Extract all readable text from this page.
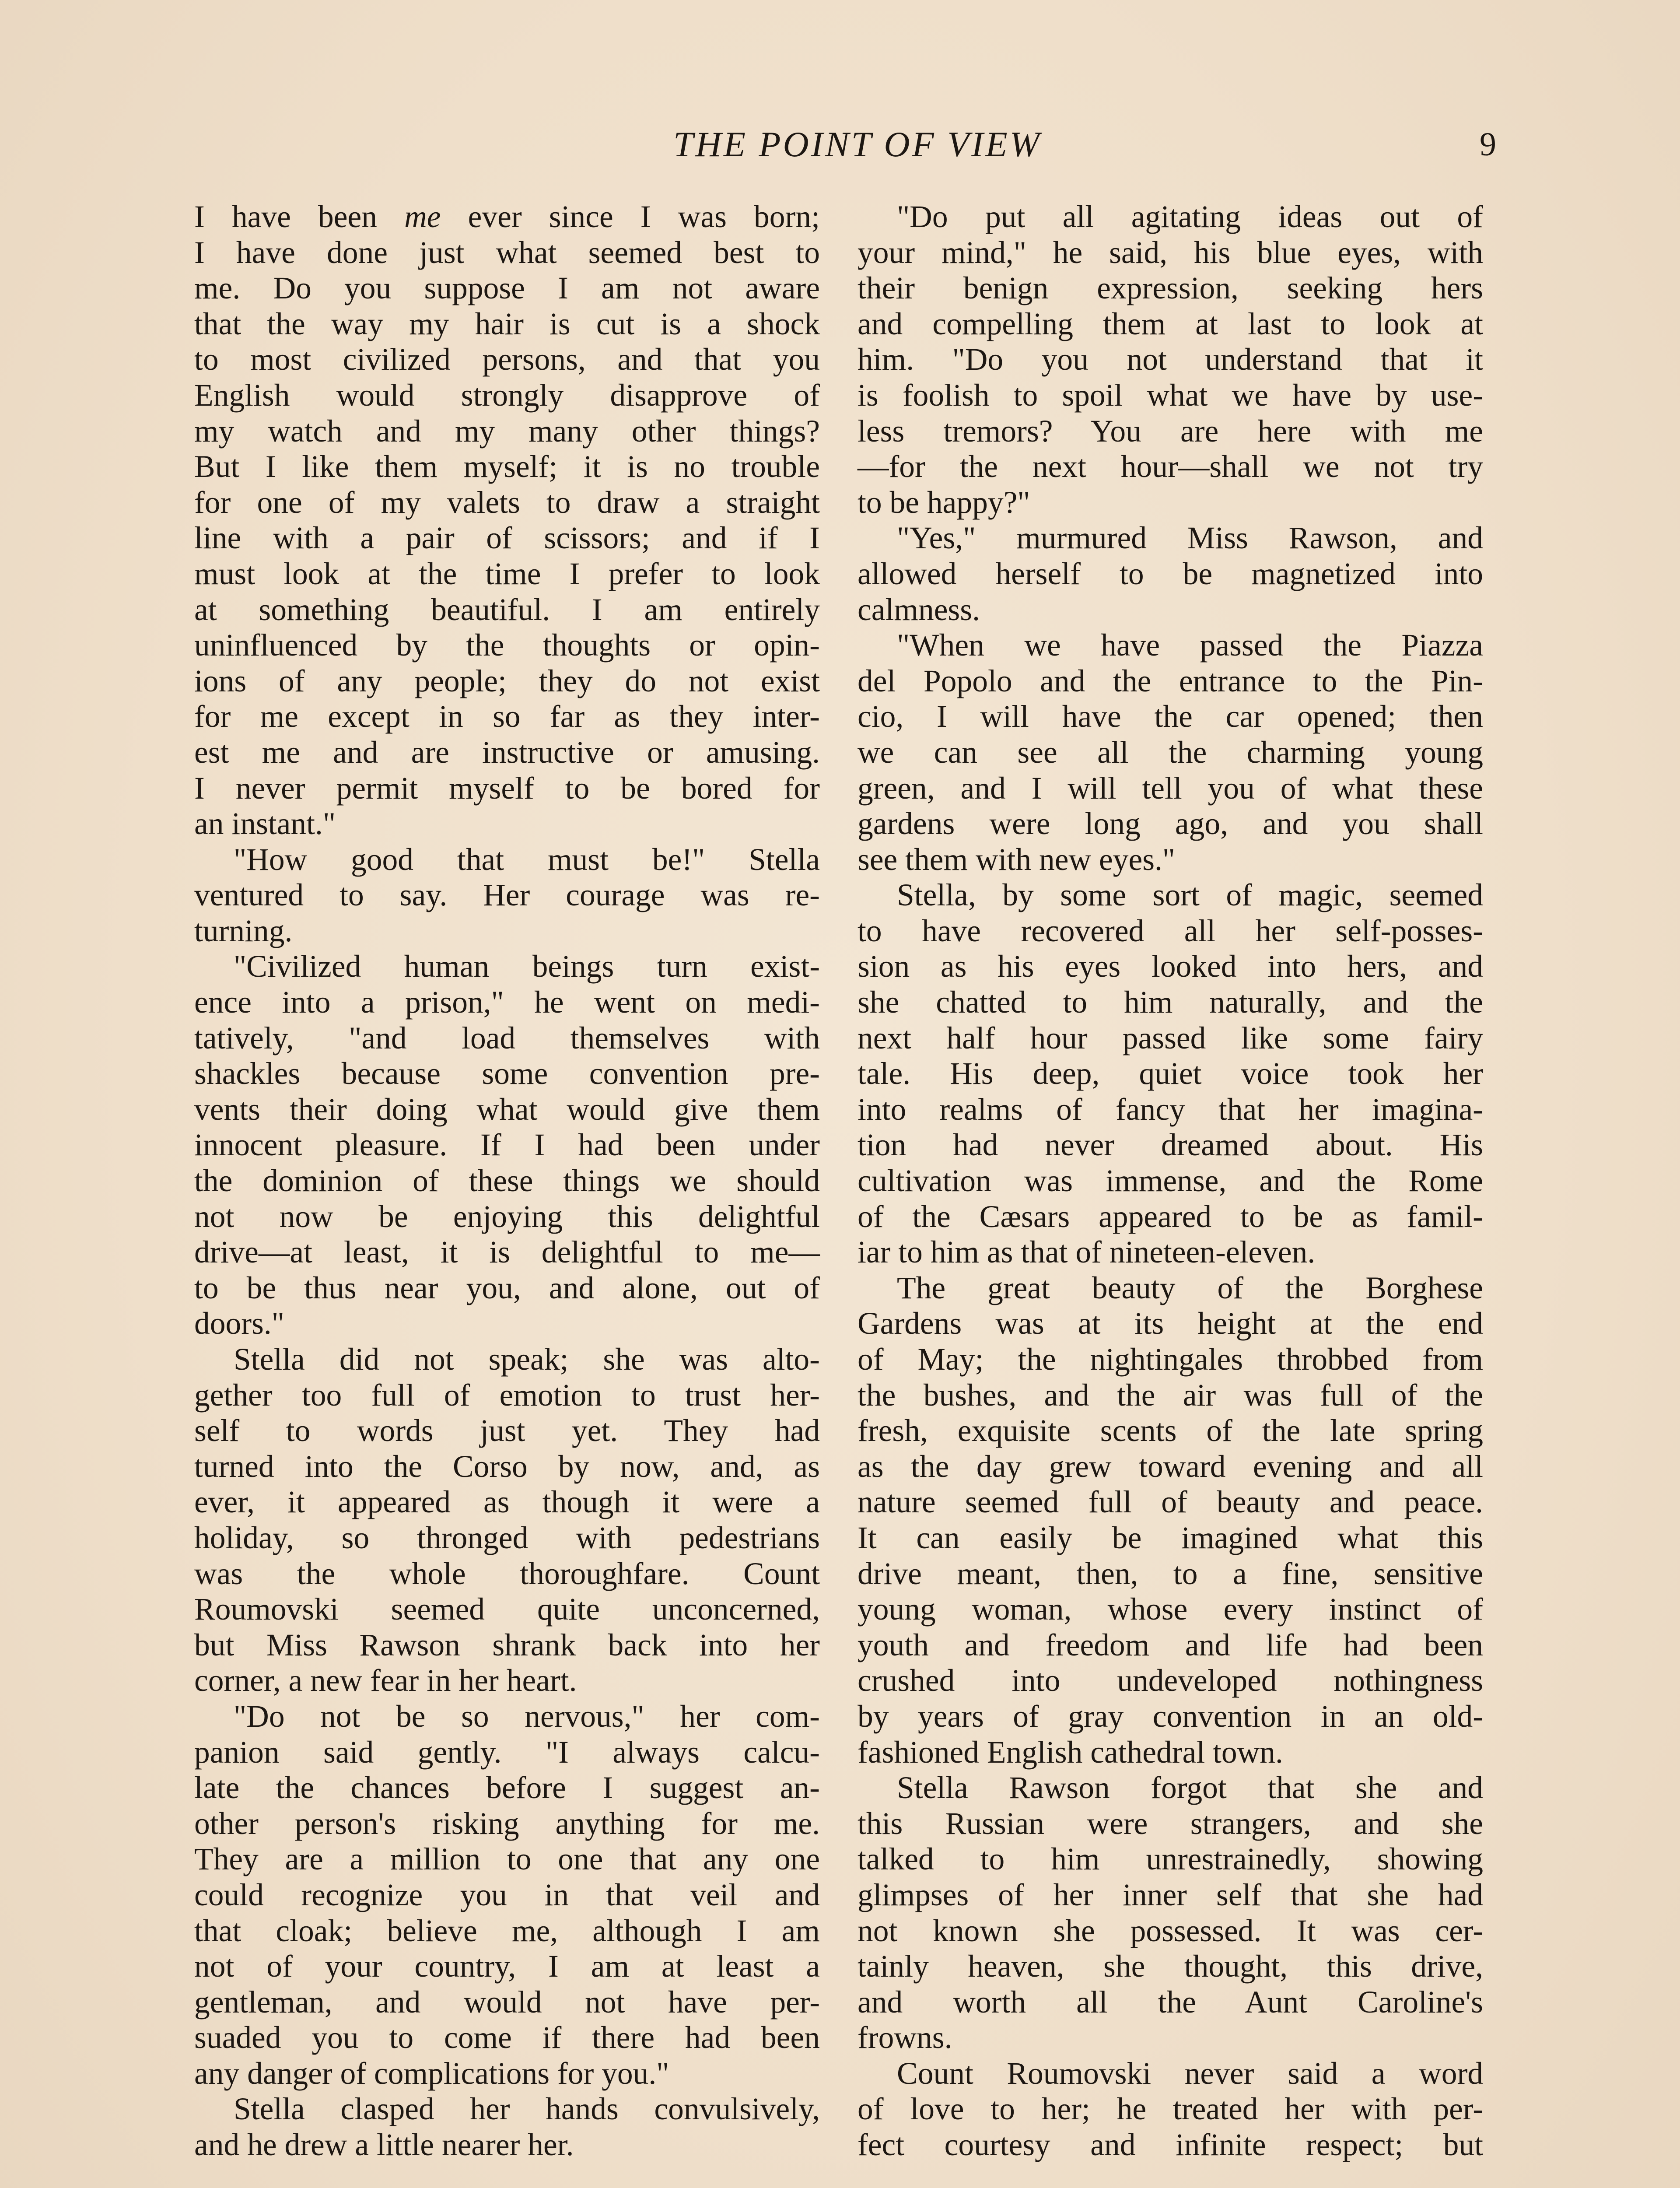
THE POINT OF VIEW	9
I have been me ever since I was born;
I have done just what seemed best to
me. Do you suppose I am not aware
that the way my hair is cut is a shock
to most civilized persons, and that you
English would strongly disapprove of
my watch and my many other things?
But I like them myself; it is no trouble
for one of my valets to draw a straight
line with a pair of scissors; and if I
must look at the time I prefer to look
at something beautiful. I am entirely
uninfluenced by the thoughts or opin-
ions of any people; they do not exist
for me except in so far as they inter-
est me and are instructive or amusing.
I never permit myself to be bored for
an instant."
"How good that must be!" Stella
ventured to say. Her courage was re-
turning.
"Civilized human beings turn exist-
ence into a prison," he went on medi-
tatively, "and load themselves with
shackles because some convention pre-
vents their doing what would give them
innocent pleasure. If I had been under
the dominion of these things we should
not now be enjoying this delightful
drive—at least, it is delightful to me—
to be thus near you, and alone, out of
doors."
Stella did not speak; she was alto-
gether too full of emotion to trust her-
self to words just yet. They had
turned into the Corso by now, and, as
ever, it appeared as though it were a
holiday, so thronged with pedestrians
was the whole thoroughfare. Count
Roumovski seemed quite unconcerned,
but Miss Rawson shrank back into her
corner, a new fear in her heart.
"Do not be so nervous," her com-
panion said gently. "I always calcu-
late the chances before I suggest an-
other person's risking anything for me.
They are a million to one that any one
could recognize you in that veil and
that cloak; believe me, although I am
not of your country, I am at least a
gentleman, and would not have per-
suaded you to come if there had been
any danger of complications for you."
Stella clasped her hands convulsively,
and he drew a little nearer her.
"Do put all agitating ideas out of
your mind," he said, his blue eyes, with
their benign expression, seeking hers
and compelling them at last to look at
him. "Do you not understand that it
is foolish to spoil what we have by use-
less tremors? You are here with me
—for the next hour—shall we not try
to be happy?"
"Yes," murmured Miss Rawson, and
allowed herself to be magnetized into
calmness.
"When we have passed the Piazza
del Popolo and the entrance to the Pin-
cio, I will have the car opened; then
we can see all the charming young
green, and I will tell you of what these
gardens were long ago, and you shall
see them with new eyes."
Stella, by some sort of magic, seemed
to have recovered all her self-posses-
sion as his eyes looked into hers, and
she chatted to him naturally, and the
next half hour passed like some fairy
tale. His deep, quiet voice took her
into realms of fancy that her imagina-
tion had never dreamed about. His
cultivation was immense, and the Rome
of the Cæsars appeared to be as famil-
iar to him as that of nineteen-eleven.
The great beauty of the Borghese
Gardens was at its height at the end
of May; the nightingales throbbed from
the bushes, and the air was full of the
fresh, exquisite scents of the late spring
as the day grew toward evening and all
nature seemed full of beauty and peace.
It can easily be imagined what this
drive meant, then, to a fine, sensitive
young woman, whose every instinct of
youth and freedom and life had been
crushed into undeveloped nothingness
by years of gray convention in an old-
fashioned English cathedral town.
Stella Rawson forgot that she and
this Russian were strangers, and she
talked to him unrestrainedly, showing
glimpses of her inner self that she had
not known she possessed. It was cer-
tainly heaven, she thought, this drive,
and worth all the Aunt Caroline's
frowns.
Count Roumovski never said a word
of love to her; he treated her with per-
fect courtesy and infinite respect; but
